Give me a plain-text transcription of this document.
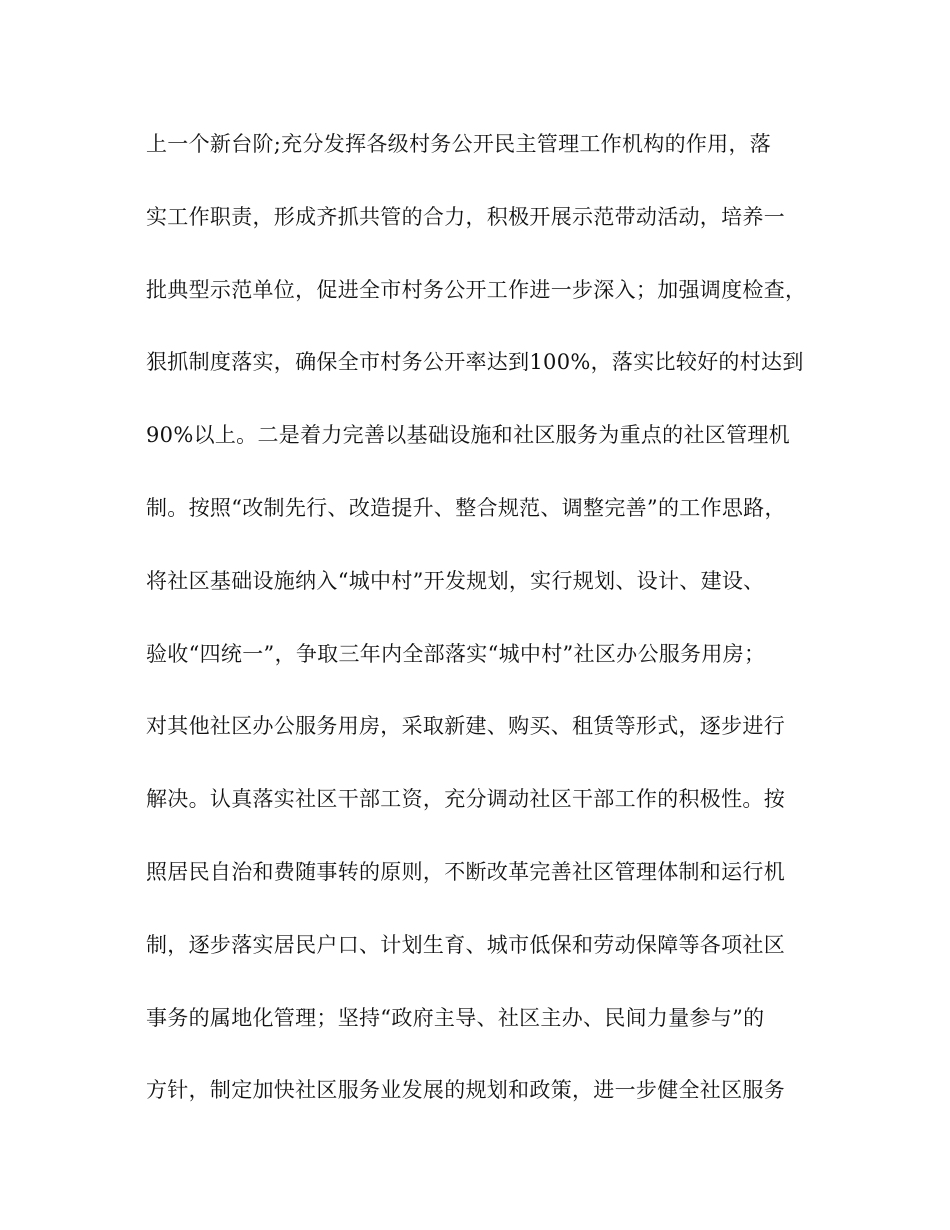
上一个新台阶;充分发挥各级村务公开民主管理工作机构的作用，落
实工作职责，形成齐抓共管的合力，积极开展示范带动活动，培养一
批典型示范单位，促进全市村务公开工作进一步深入；加强调度检查，
狠抓制度落实，确保全市村务公开率达到100%，落实比较好的村达到
90%以上。二是着力完善以基础设施和社区服务为重点的社区管理机
制。按照“改制先行、改造提升、整合规范、调整完善”的工作思路，
将社区基础设施纳入“城中村”开发规划，实行规划、设计、建设、
验收“四统一”，争取三年内全部落实“城中村”社区办公服务用房；
对其他社区办公服务用房，采取新建、购买、租赁等形式，逐步进行
解决。认真落实社区干部工资，充分调动社区干部工作的积极性。按
照居民自治和费随事转的原则，不断改革完善社区管理体制和运行机
制，逐步落实居民户口、计划生育、城市低保和劳动保障等各项社区
事务的属地化管理；坚持“政府主导、社区主办、民间力量参与”的
方针，制定加快社区服务业发展的规划和政策，进一步健全社区服务
